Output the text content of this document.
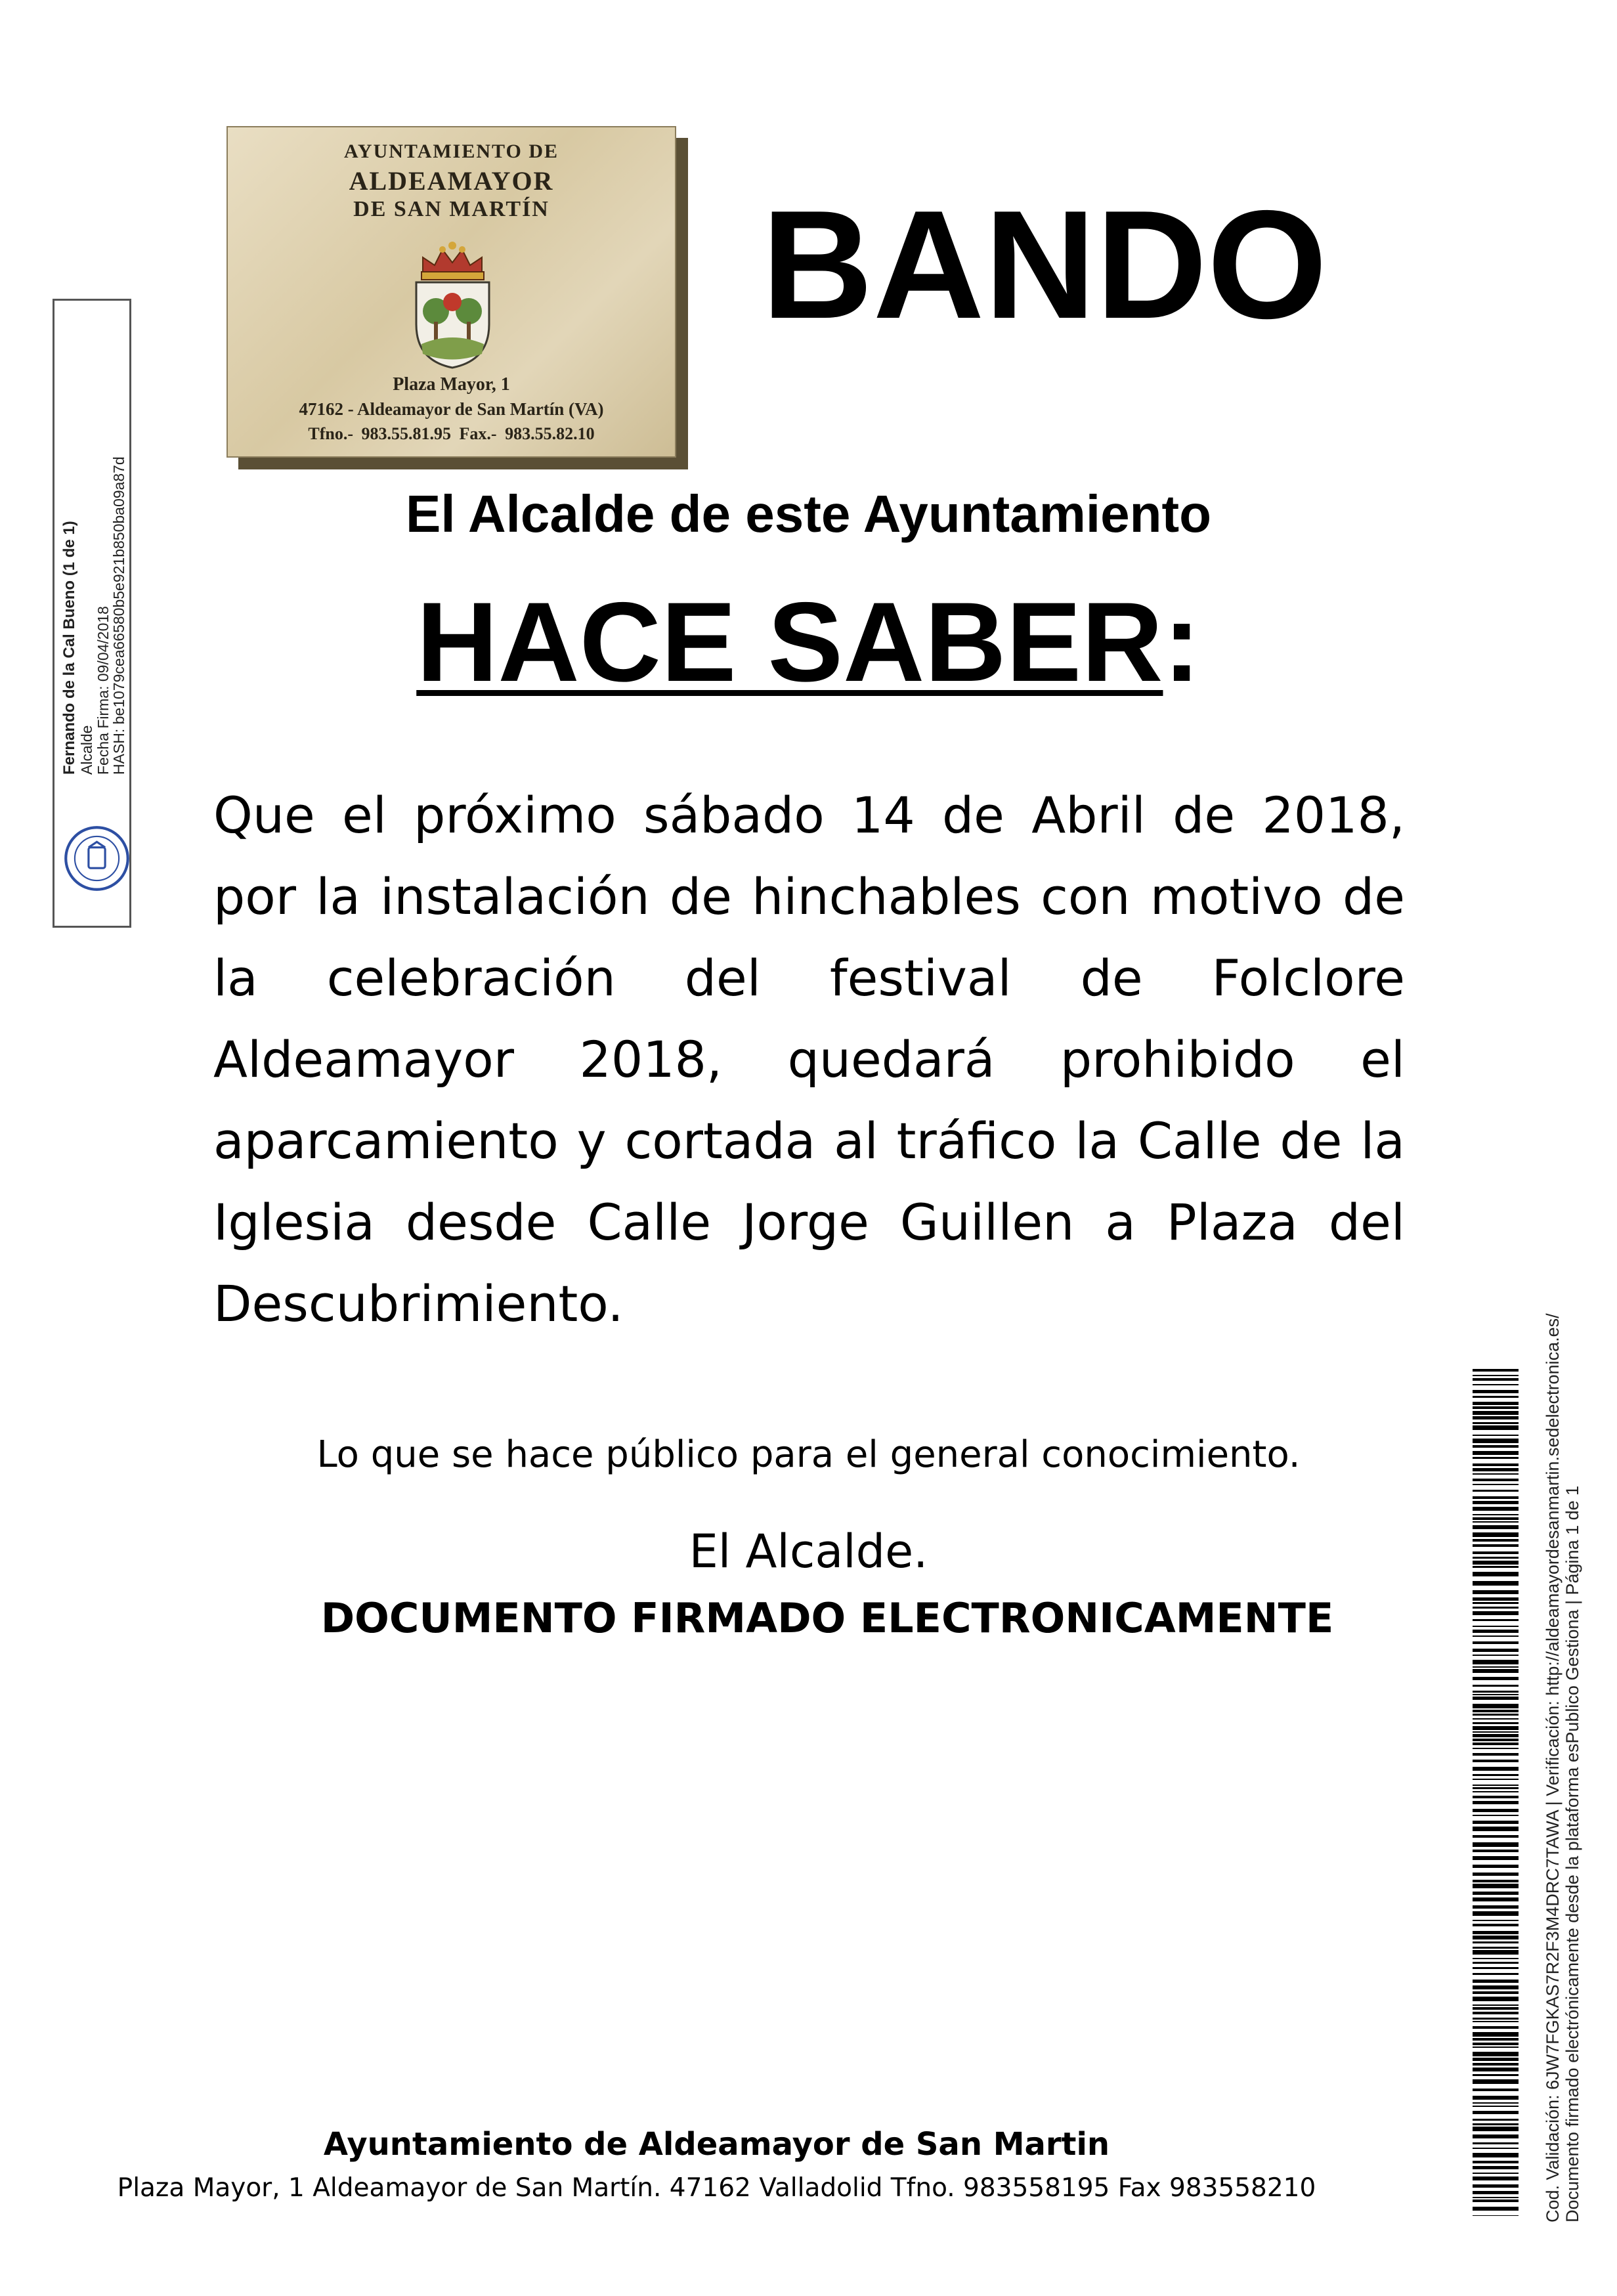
AYUNTAMIENTO DE
ALDEAMAYOR
DE SAN MARTÍN
Plaza Mayor, 1
47162 - Aldeamayor de San Martín (VA)
Tfno.- 983.55.81.95 Fax.- 983.55.82.10
BANDO
El Alcalde de este Ayuntamiento
HACE SABER:
Que el próximo sábado 14 de Abril de 2018, por la instalación de hinchables con motivo de la celebración del festival de Folclore Aldeamayor 2018, quedará prohibido el aparcamiento y cortada al tráfico la Calle de la Iglesia desde Calle Jorge Guillen a Plaza del Descubrimiento.
Lo que se hace público para el general conocimiento.
El Alcalde.
DOCUMENTO FIRMADO ELECTRONICAMENTE
Ayuntamiento de Aldeamayor de San Martin
Plaza Mayor, 1 Aldeamayor de San Martín. 47162 Valladolid Tfno. 983558195 Fax 983558210
Fernando de la Cal Bueno (1 de 1) Alcalde Fecha Firma: 09/04/2018
HASH: be1079cea66580b5e921b850ba09a87d
Cod. Validación: 6JW7FGKAS7R2F3M4DRC7TAWA | Verificación: http://aldeamayordesanmartin.sedelectronica.es/ Documento firmado electrónicamente desde la plataforma esPublico Gestiona | Página 1 de 1
